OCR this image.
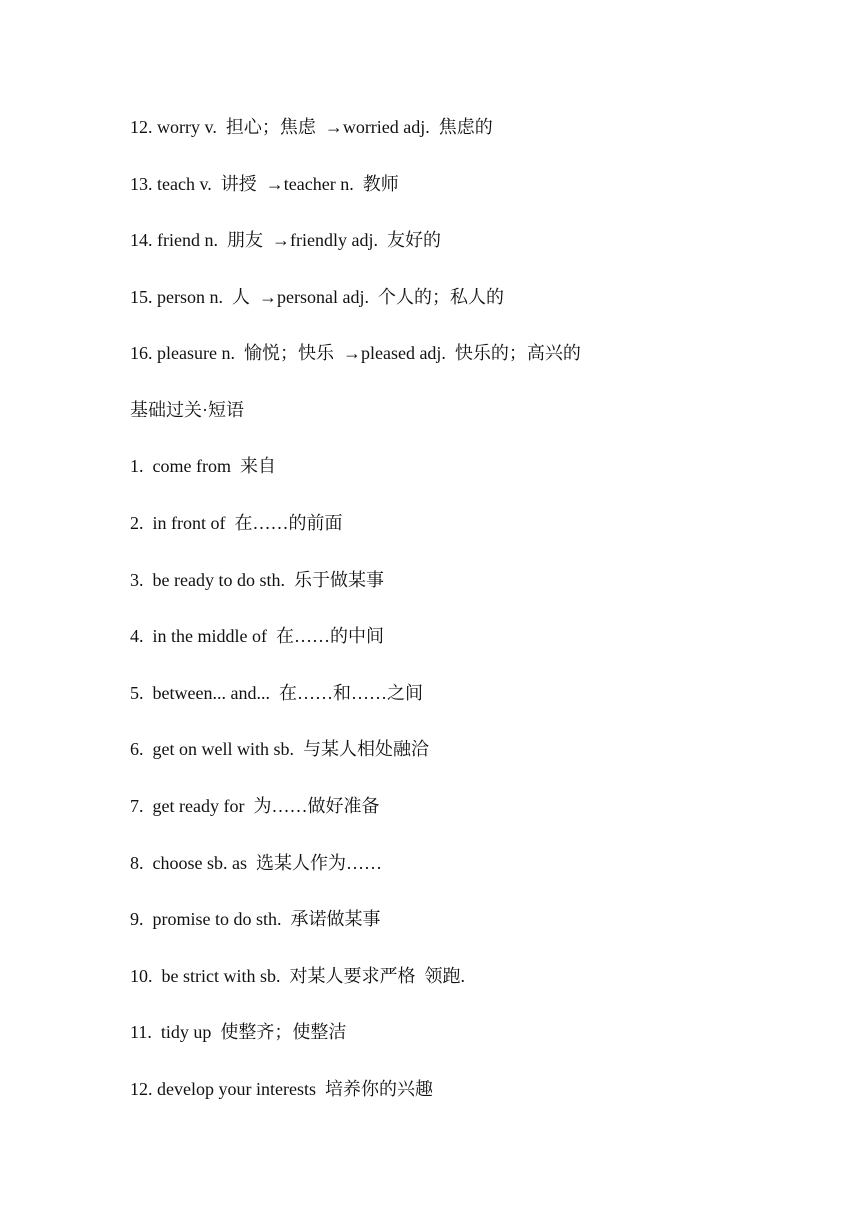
12. worry v.  担心；焦虑  →worried adj.  焦虑的
13. teach v.  讲授  →teacher n.  教师
14. friend n.  朋友  →friendly adj.  友好的
15. person n.  人  →personal adj.  个人的；私人的
16. pleasure n.  愉悦；快乐  →pleased adj.  快乐的；高兴的
基础过关·短语
1.  come from  来自
2.  in front of  在……的前面
3.  be ready to do sth.  乐于做某事
4.  in the middle of  在……的中间
5.  between... and...  在……和……之间
6.  get on well with sb.  与某人相处融洽
7.  get ready for  为……做好准备
8.  choose sb. as  选某人作为……
9.  promise to do sth.  承诺做某事
10.  be strict with sb.  对某人要求严格  领跑.
11.  tidy up  使整齐；使整洁
12. develop your interests  培养你的兴趣
